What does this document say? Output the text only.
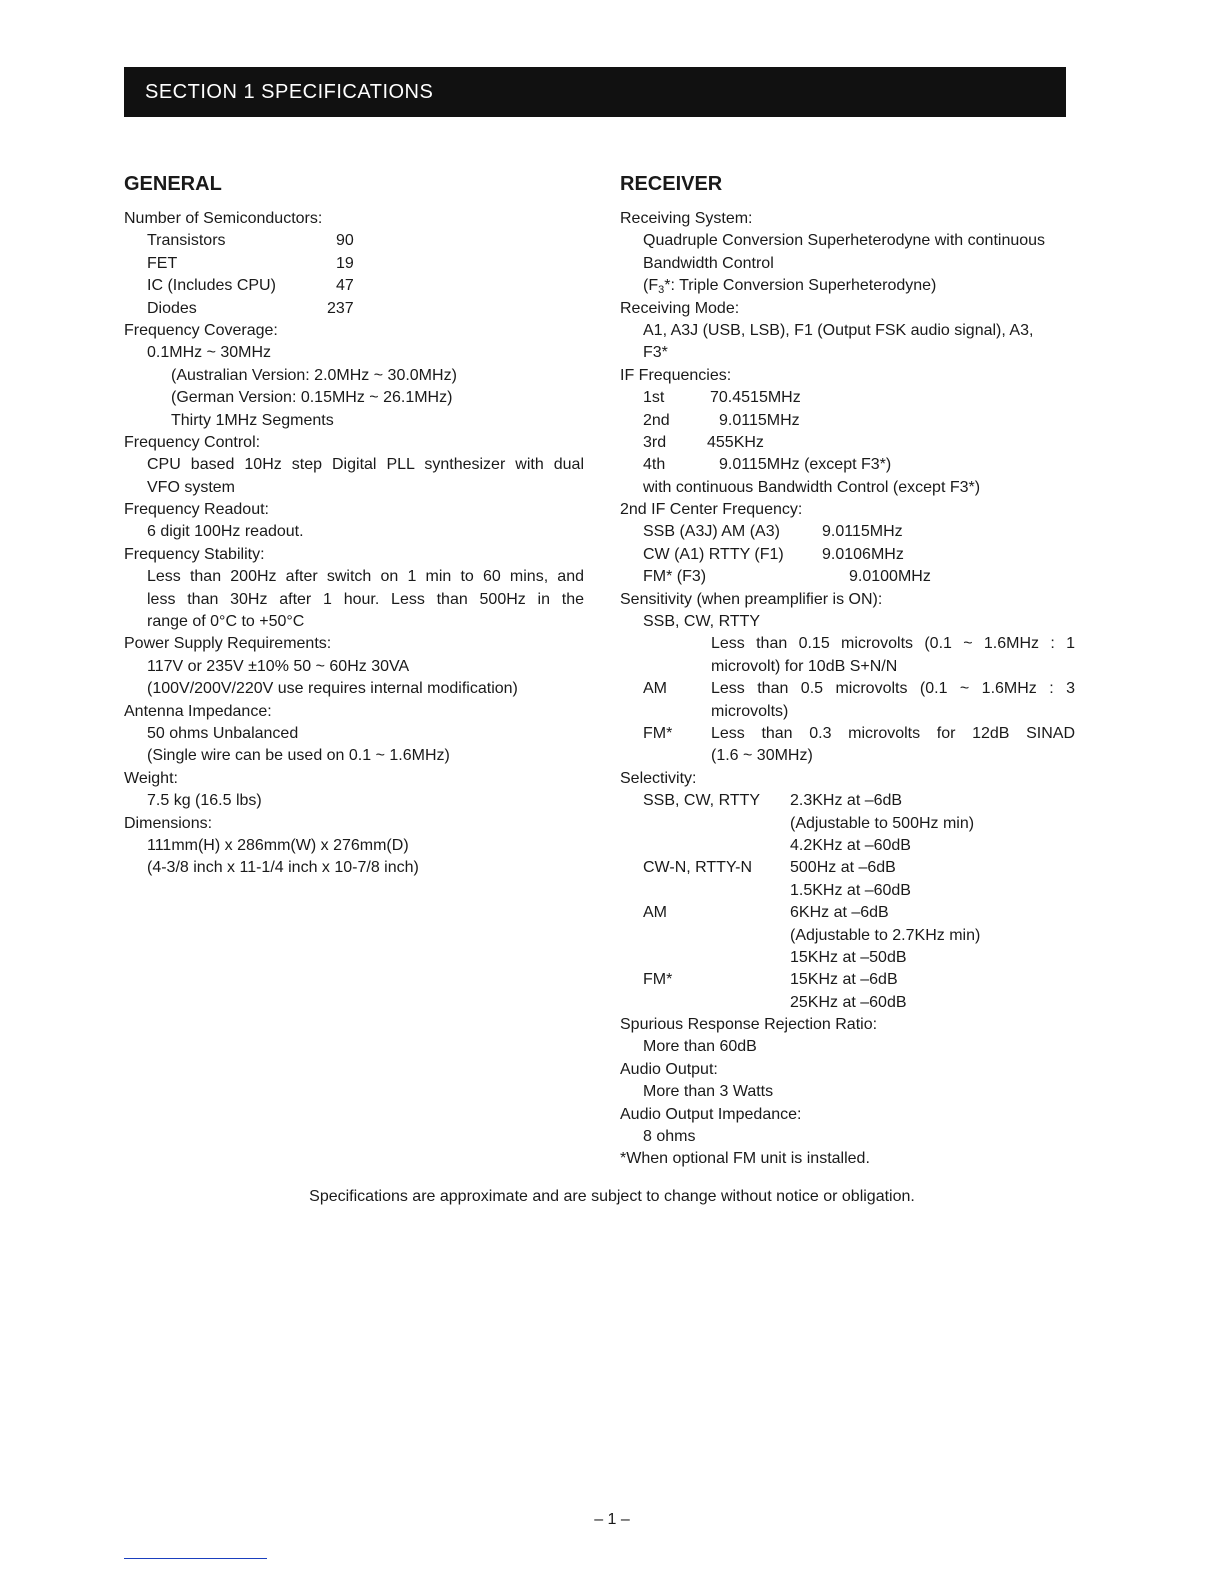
SECTION 1 SPECIFICATIONS
GENERAL
Number of Semiconductors:
Transistors	90
FET	19
IC (Includes CPU)	47
Diodes	237
Frequency Coverage:
0.1MHz ~ 30MHz
(Australian Version: 2.0MHz ~ 30.0MHz)
(German Version: 0.15MHz ~ 26.1MHz)
Thirty 1MHz Segments
Frequency Control:
CPU based 10Hz step Digital PLL synthesizer with dual
VFO system
Frequency Readout:
6 digit 100Hz readout.
Frequency Stability:
Less than 200Hz after switch on 1 min to 60 mins, and
less than 30Hz after 1 hour. Less than 500Hz in the
range of 0°C to +50°C
Power Supply Requirements:
117V or 235V ±10% 50 ~ 60Hz 30VA
(100V/200V/220V use requires internal modification)
Antenna Impedance:
50 ohms Unbalanced
(Single wire can be used on 0.1 ~ 1.6MHz)
Weight:
7.5 kg (16.5 lbs)
Dimensions:
111mm(H) x 286mm(W) x 276mm(D)
(4-3/8 inch x 11-1/4 inch x 10-7/8 inch)
RECEIVER
Receiving System:
Quadruple Conversion Superheterodyne with continuous
Bandwidth Control
($F_3*$: Triple Conversion Superheterodyne)
Receiving Mode:
A1, A3J (USB, LSB), F1 (Output FSK audio signal), A3,
F3*
IF Frequencies:
1st	70.4515MHz
2nd	9.0115MHz
3rd	455KHz
4th	9.0115MHz (except F3*)
with continuous Bandwidth Control (except F3*)
2nd IF Center Frequency:
SSB (A3J) AM (A3)	9.0115MHz
CW (A1) RTTY (F1) 9.0106MHz
FM* (F3)	9.0100MHz
Sensitivity (when preamplifier is ON):
SSB, CW, RTTY
Less than 0.15 microvolts (0.1 ~ 1.6MHz : 1
microvolt) for 10dB S+N/N
AM	Less than 0.5 microvolts (0.1 ~ 1.6MHz : 3
microvolts)
FM* Less than 0.3 microvolts for 12dB SINAD
(1.6 ~ 30MHz)
Selectivity:
SSB, CW, RTTY 2.3KHz at –6dB
(Adjustable to 500Hz min)
4.2KHz at –60dB
CW-N, RTTY-N 500Hz at –6dB
1.5KHz at –60dB
AM	6KHz at –6dB
(Adjustable to 2.7KHz min)
15KHz at –50dB
FM*	15KHz at –6dB
25KHz at –60dB
Spurious Response Rejection Ratio:
More than 60dB
Audio Output:
More than 3 Watts
Audio Output Impedance:
8 ohms
*When optional FM unit is installed.
Specifications are approximate and are subject to change without notice or obligation.
– 1 –
